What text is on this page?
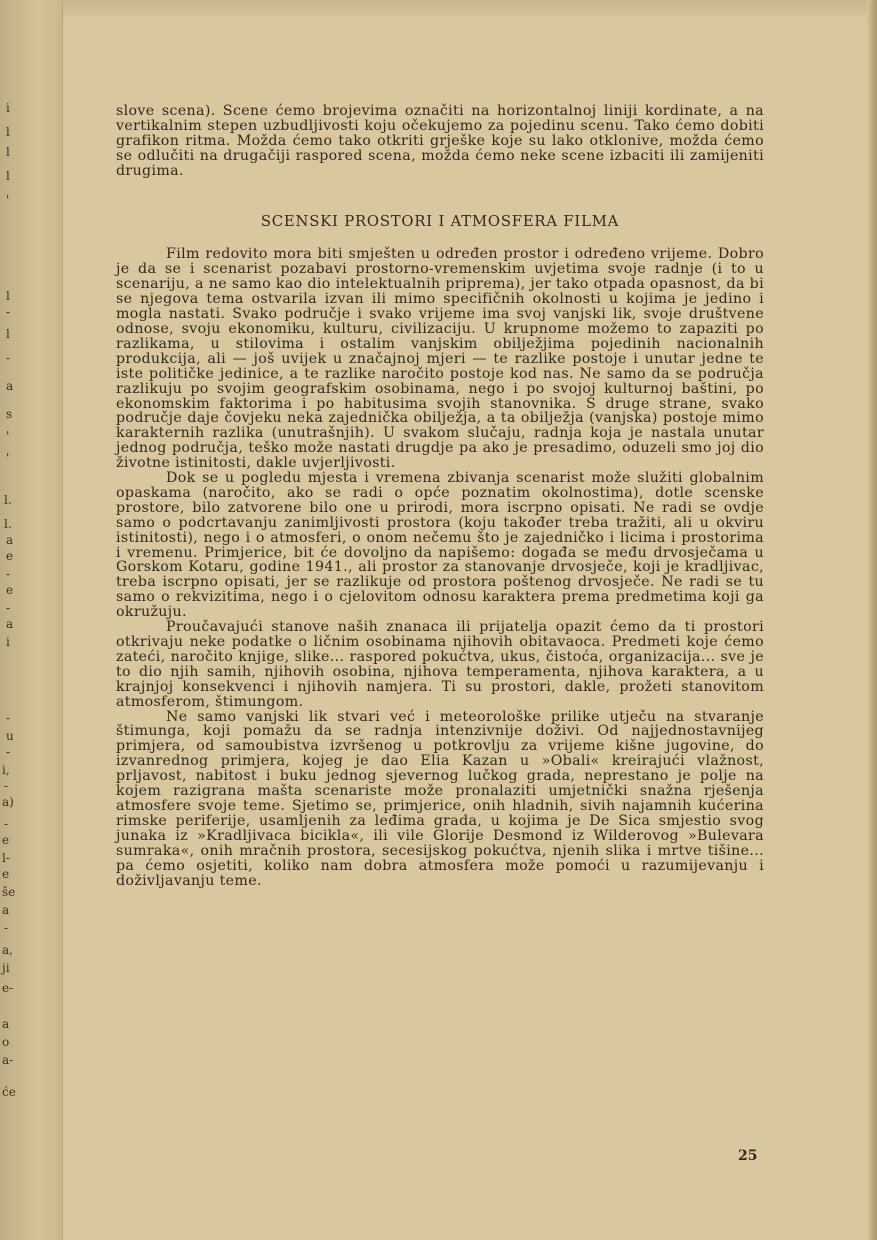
i
l
l
l
'
l
-
l
-
a
s
'
'
l.
l.
a
e
-
e
-
a
i
-
u
-
i,
-
a)
-
e
l-
e
še
a
-
a,
ji
e-
a
o
a-
će

slove scena). Scene ćemo brojevima označiti na horizontalnoj liniji kordinate, a na vertikalnim stepen uzbudljivosti koju očekujemo za pojedinu scenu. Tako ćemo dobiti grafikon ritma. Možda ćemo tako otkriti grješke koje su lako otklonive, možda ćemo se odlučiti na drugačiji raspored scena, možda ćemo neke scene izbaciti ili zamijeniti drugima.

SCENSKI PROSTORI I ATMOSFERA FILMA

Film redovito mora biti smješten u određen prostor i određeno vrijeme. Dobro je da se i scenarist pozabavi prostorno-vremenskim uvjetima svoje radnje (i to u scenariju, a ne samo kao dio intelektualnih priprema), jer tako otpada opasnost, da bi se njegova tema ostvarila izvan ili mimo specifičnih okolnosti u kojima je jedino i mogla nastati. Svako područje i svako vrijeme ima svoj vanjski lik, svoje društvene odnose, svoju ekonomiku, kulturu, civilizaciju. U krupnome možemo to zapaziti po razlikama, u stilovima i ostalim vanjskim obilježjima pojedinih nacionalnih produkcija, ali — još uvijek u značajnoj mjeri — te razlike postoje i unutar jedne te iste političke jedinice, a te razlike naročito postoje kod nas. Ne samo da se područja razlikuju po svojim geografskim osobinama, nego i po svojoj kulturnoj baštini, po ekonomskim faktorima i po habitusima svojih stanovnika. S druge strane, svako područje daje čovjeku neka zajednička obilježja, a ta obilježja (vanjska) postoje mimo karakternih razlika (unutrašnjih). U svakom slučaju, radnja koja je nastala unutar jednog područja, teško može nastati drugdje pa ako je presadimo, oduzeli smo joj dio životne istinitosti, dakle uvjerljivosti.

Dok se u pogledu mjesta i vremena zbivanja scenarist može služiti globalnim opaskama (naročito, ako se radi o opće poznatim okolnostima), dotle scenske prostore, bilo zatvorene bilo one u prirodi, mora iscrpno opisati. Ne radi se ovdje samo o podcrtavanju zanimljivosti prostora (koju također treba tražiti, ali u okviru istinitosti), nego i o atmosferi, o onom nečemu što je zajedničko i licima i prostorima i vremenu. Primjerice, bit će dovoljno da napišemo: događa se među drvosječama u Gorskom Kotaru, godine 1941., ali prostor za stanovanje drvosječe, koji je kradljivac, treba iscrpno opisati, jer se razlikuje od prostora poštenog drvosječe. Ne radi se tu samo o rekvizitima, nego i o cjelovitom odnosu karaktera prema predmetima koji ga okružuju.

Proučavajući stanove naših znanaca ili prijatelja opazit ćemo da ti prostori otkrivaju neke podatke o ličnim osobinama njihovih obitavaoca. Predmeti koje ćemo zateći, naročito knjige, slike... raspored pokućtva, ukus, čistoća, organizacija... sve je to dio njih samih, njihovih osobina, njihova temperamenta, njihova karaktera, a u krajnjoj konsekvenci i njihovih namjera. Ti su prostori, dakle, prožeti stanovitom atmosferom, štimungom.

Ne samo vanjski lik stvari već i meteorološke prilike utječu na stvaranje štimunga, koji pomažu da se radnja intenzivnije doživi. Od najjednostavnijeg primjera, od samoubistva izvršenog u potkrovlju za vrijeme kišne jugovine, do izvanrednog primjera, kojeg je dao Elia Kazan u »Obali« kreirajući vlažnost, prljavost, nabitost i buku jednog sjevernog lučkog grada, neprestano je polje na kojem razigrana mašta scenariste može pronalaziti umjetnički snažna rješenja atmosfere svoje teme. Sjetimo se, primjerice, onih hladnih, sivih najamnih kućerina rimske periferije, usamljenih za leđima grada, u kojima je De Sica smjestio svog junaka iz »Kradljivaca bicikla«, ili vile Glorije Desmond iz Wilderovog »Bulevara sumraka«, onih mračnih prostora, secesijskog pokućtva, njenih slika i mrtve tišine... pa ćemo osjetiti, koliko nam dobra atmosfera može pomoći u razumijevanju i doživljavanju teme.

25
